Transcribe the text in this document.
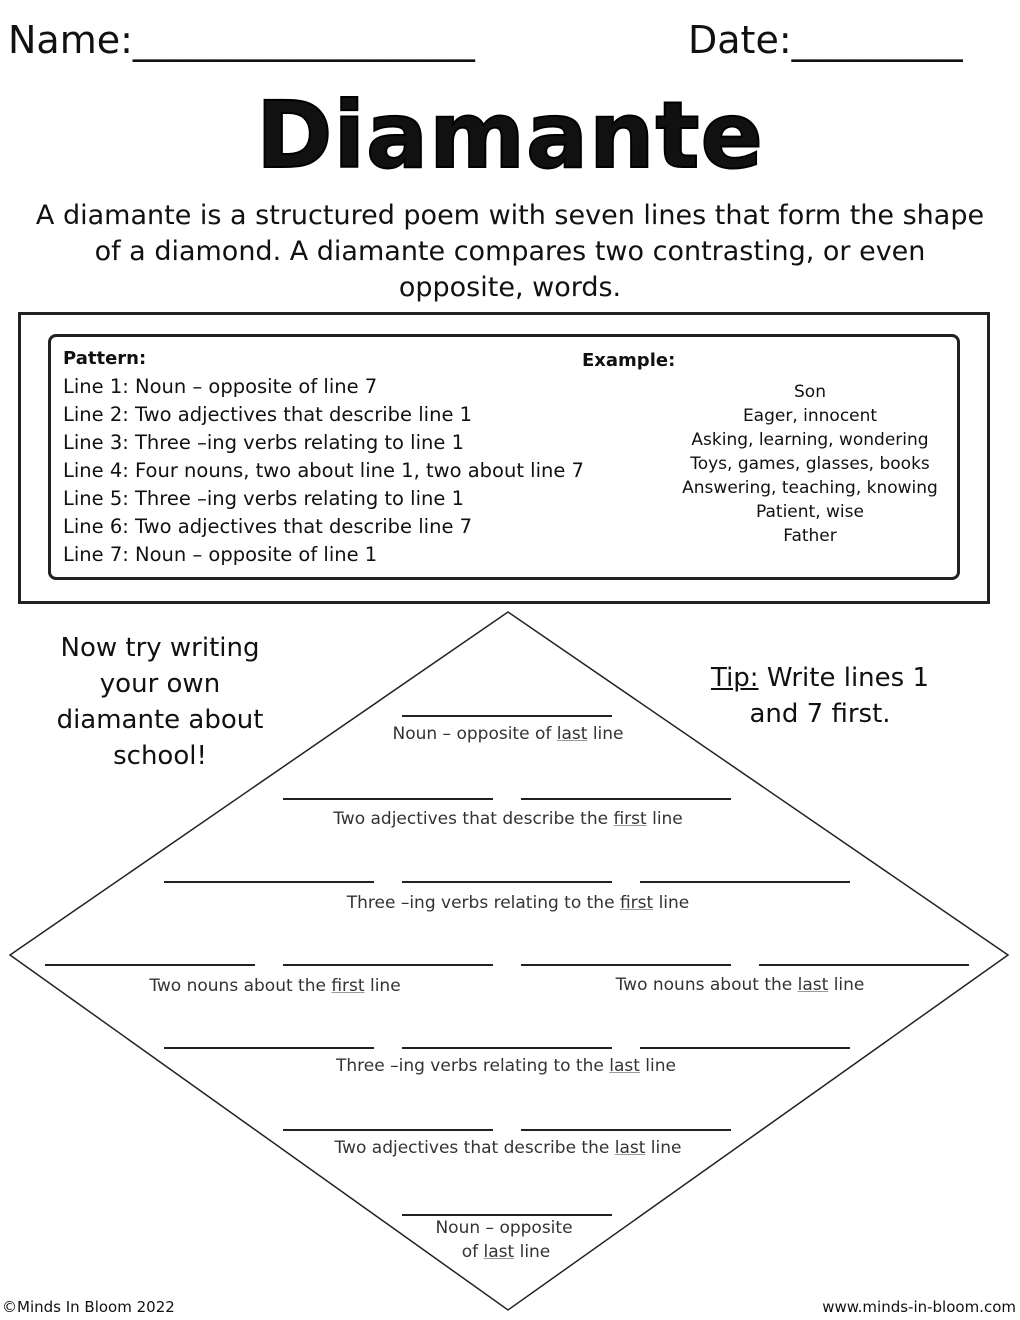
Name:__________________	Date:_________
Diamante
A diamante is a structured poem with seven lines that form the shape of a diamond. A diamante compares two contrasting, or even opposite, words.
Pattern:
Line 1: Noun – opposite of line 7
Line 2: Two adjectives that describe line 1
Line 3: Three –ing verbs relating to line 1
Line 4: Four nouns, two about line 1, two about line 7
Line 5: Three –ing verbs relating to line 1
Line 6: Two adjectives that describe line 7
Line 7: Noun – opposite of line 1
Example:
Son
Eager, innocent
Asking, learning, wondering
Toys, games, glasses, books
Answering, teaching, knowing
Patient, wise
Father
Now try writing
your own
diamante about
school!
Tip: Write lines 1
and 7 first.
Noun – opposite of last line
Two adjectives that describe the first line
Three –ing verbs relating to the first line
Two nouns about the first line	Two nouns about the last line
Three –ing verbs relating to the last line
Two adjectives that describe the last line
Noun – opposite
of last line
©Minds In Bloom 2022	www.minds-in-bloom.com
